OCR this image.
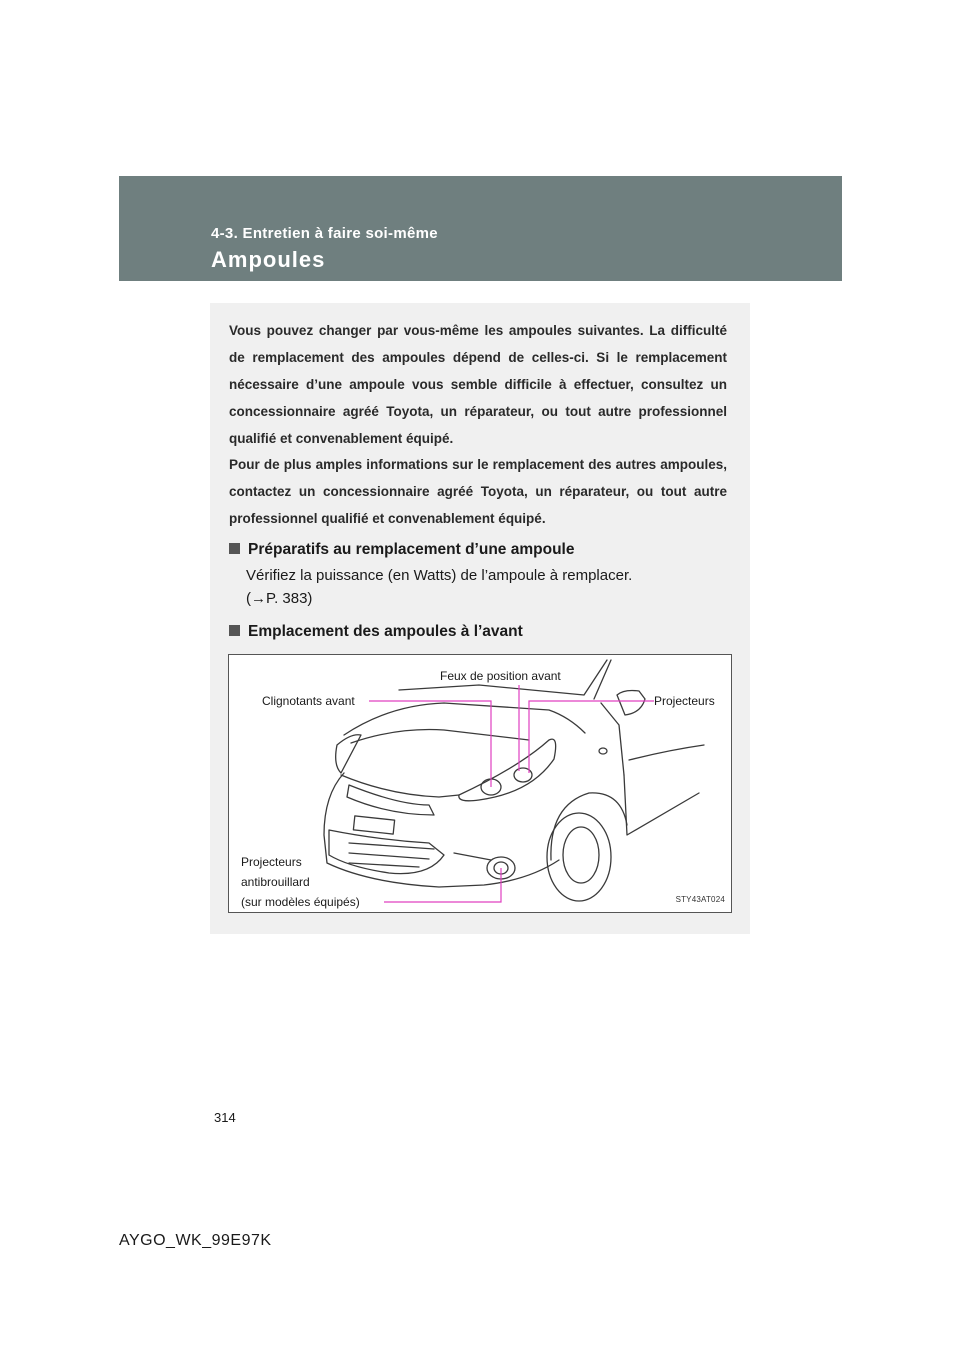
4-3. Entretien à faire soi-même
Ampoules

Vous pouvez changer par vous-même les ampoules suivantes. La difficulté de remplacement des ampoules dépend de celles-ci. Si le remplacement nécessaire d’une ampoule vous semble difficile à effectuer, consultez un concessionnaire agréé Toyota, un réparateur, ou tout autre professionnel qualifié et convenablement équipé.

Pour de plus amples informations sur le remplacement des autres ampoules, contactez un concessionnaire agréé Toyota, un réparateur, ou tout autre professionnel qualifié et convenablement équipé.

Préparatifs au remplacement d’une ampoule
Vérifiez la puissance (en Watts) de l’ampoule à remplacer.
(→P. 383)
Emplacement des ampoules à l’avant
Clignotants avant
Feux de position avant
Projecteurs
Projecteurs
antibrouillard
(sur modèles équipés)	STY43AT024
314
AYGO_WK_99E97K
